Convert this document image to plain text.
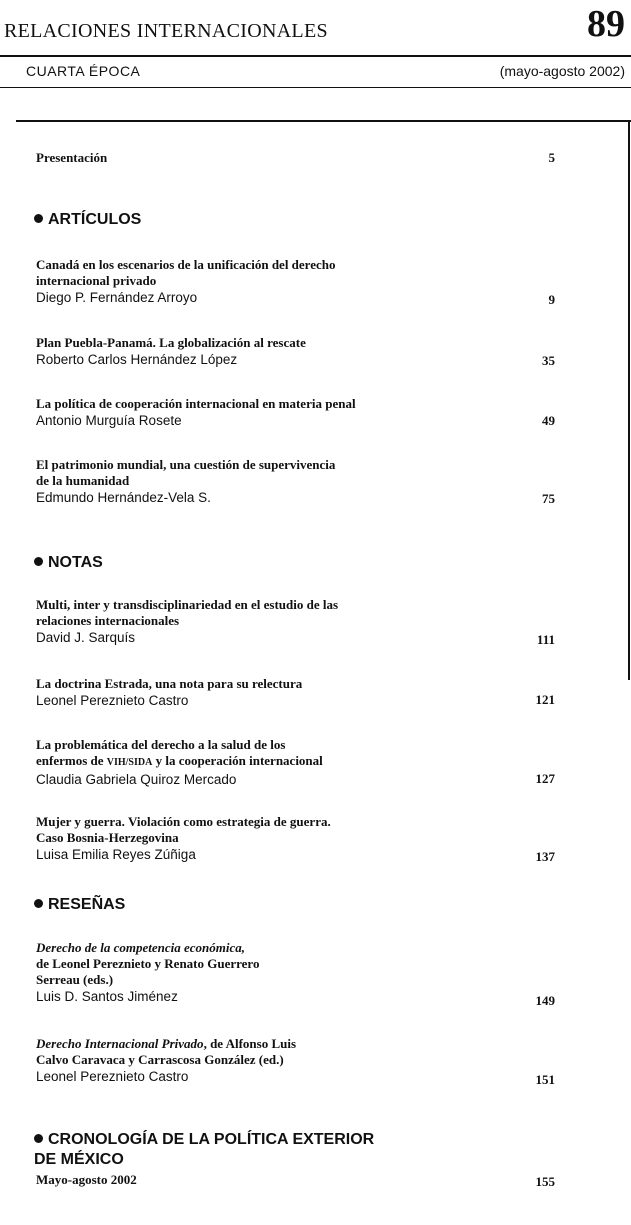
RELACIONES INTERNACIONALES	89
CUARTA ÉPOCA	(mayo-agosto 2002)
Presentación	5
ARTÍCULOS
Canadá en los escenarios de la unificación del derecho
internacional privado
Diego P. Fernández Arroyo	9
Plan Puebla-Panamá. La globalización al rescate
Roberto Carlos Hernández López	35
La política de cooperación internacional en materia penal
Antonio Murguía Rosete	49
El patrimonio mundial, una cuestión de supervivencia
de la humanidad
Edmundo Hernández-Vela S.	75
NOTAS
Multi, inter y transdisciplinariedad en el estudio de las
relaciones internacionales
David J. Sarquís	111
La doctrina Estrada, una nota para su relectura
Leonel Pereznieto Castro	121
La problemática del derecho a la salud de los
enfermos de VIH/SIDA y la cooperación internacional
Claudia Gabriela Quiroz Mercado	127
Mujer y guerra. Violación como estrategia de guerra.
Caso Bosnia-Herzegovina
Luisa Emilia Reyes Zúñiga	137
RESEÑAS
Derecho de la competencia económica,
de Leonel Pereznieto y Renato Guerrero
Serreau (eds.)
Luis D. Santos Jiménez	149
Derecho Internacional Privado, de Alfonso Luis
Calvo Caravaca y Carrascosa González (ed.)
Leonel Pereznieto Castro	151
CRONOLOGÍA DE LA POLÍTICA EXTERIOR
DE MÉXICO
Mayo-agosto 2002	155
